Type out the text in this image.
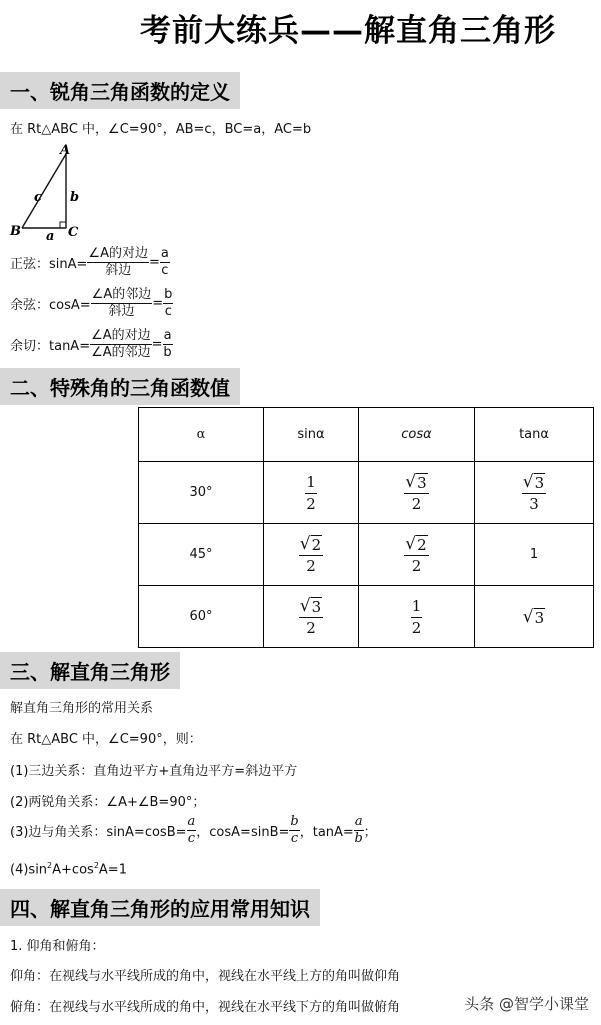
考前大练兵——解直角三角形
一、锐角三角函数的定义
在 Rt△ABC 中，∠C=90°，AB=c，BC=a，AC=b
A
B	C
c b
a
正弦：$\sin A= \frac{\text{∠A的对边}}{\text{斜边}} = \frac{a}{c}$
余弦：$\cos A= \frac{\text{∠A的邻边}}{\text{斜边}} = \frac{b}{c}$
余切：$\tan A= \frac{\text{∠A的对边}}{\text{∠A的邻边}} = \frac{a}{b}$
二、特殊角的三角函数值
α	sinα	cosα	tanα
30°	$\frac{1}{2}$	$\frac{√ 3}{2}$	$\frac{√ 3}{3}$

45°	$\frac{√ 2}{2}$	$\frac{√ 2}{2}$	1
60°	$\frac{√ 3}{2}$	$\frac{1}{2}$	√ 3
三、解直角三角形
解直角三角形的常用关系
在 Rt△ABC 中，∠C=90°，则：
(1)三边关系：直角边平方+直角边平方=斜边平方
(2)两锐角关系：∠A+∠B=90°；
(3)边与角关系：$\sin A=\cos B= \frac{a}{c}$ ，$\cos A=\sin B= \frac{b}{c}$ ，$\tan A= \frac{a}{b}$ ；
$(4)\sin^2A+\cos^2A=1$
四、解直角三角形的应用常用知识
1. 仰角和俯角：
仰角：在视线与水平线所成的角中，视线在水平线上方的角叫做仰角
俯角：在视线与水平线所成的角中，视线在水平线下方的角叫做俯角	头条 @智学小课堂
